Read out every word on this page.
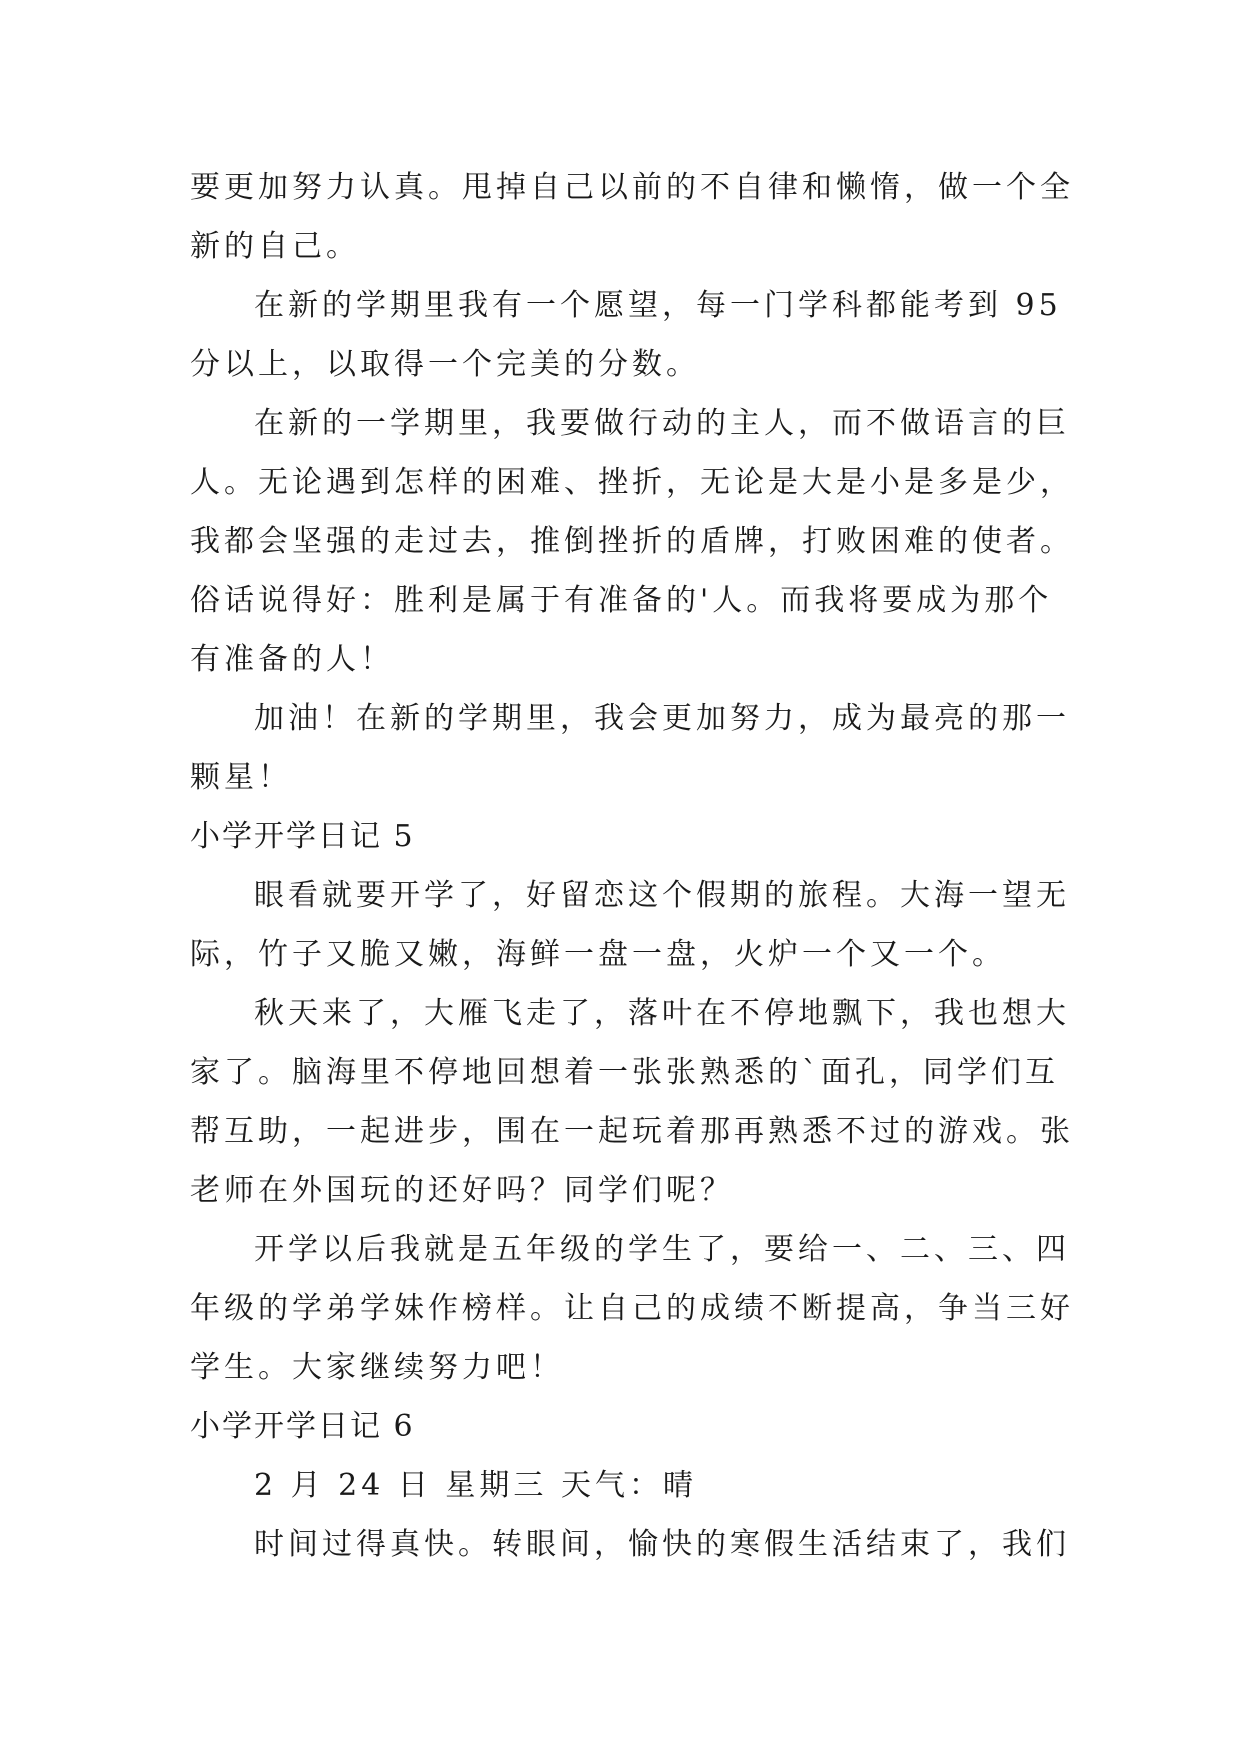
要更加努力认真。甩掉自己以前的不自律和懒惰，做一个全
新的自己。
在新的学期里我有一个愿望，每一门学科都能考到 95
分以上，以取得一个完美的分数。
在新的一学期里，我要做行动的主人，而不做语言的巨
人。无论遇到怎样的困难、挫折，无论是大是小是多是少，
我都会坚强的走过去，推倒挫折的盾牌，打败困难的使者。
俗话说得好：胜利是属于有准备的'人。而我将要成为那个
有准备的人！
加油！在新的学期里，我会更加努力，成为最亮的那一
颗星！
小学开学日记 5
眼看就要开学了，好留恋这个假期的旅程。大海一望无
际，竹子又脆又嫩，海鲜一盘一盘，火炉一个又一个。
秋天来了，大雁飞走了，落叶在不停地飘下，我也想大
家了。脑海里不停地回想着一张张熟悉的`面孔，同学们互
帮互助，一起进步，围在一起玩着那再熟悉不过的游戏。张
老师在外国玩的还好吗？同学们呢？
开学以后我就是五年级的学生了，要给一、二、三、四
年级的学弟学妹作榜样。让自己的成绩不断提高，争当三好
学生。大家继续努力吧！
小学开学日记 6
2 月 24 日 星期三 天气：晴
时间过得真快。转眼间，愉快的寒假生活结束了，我们
